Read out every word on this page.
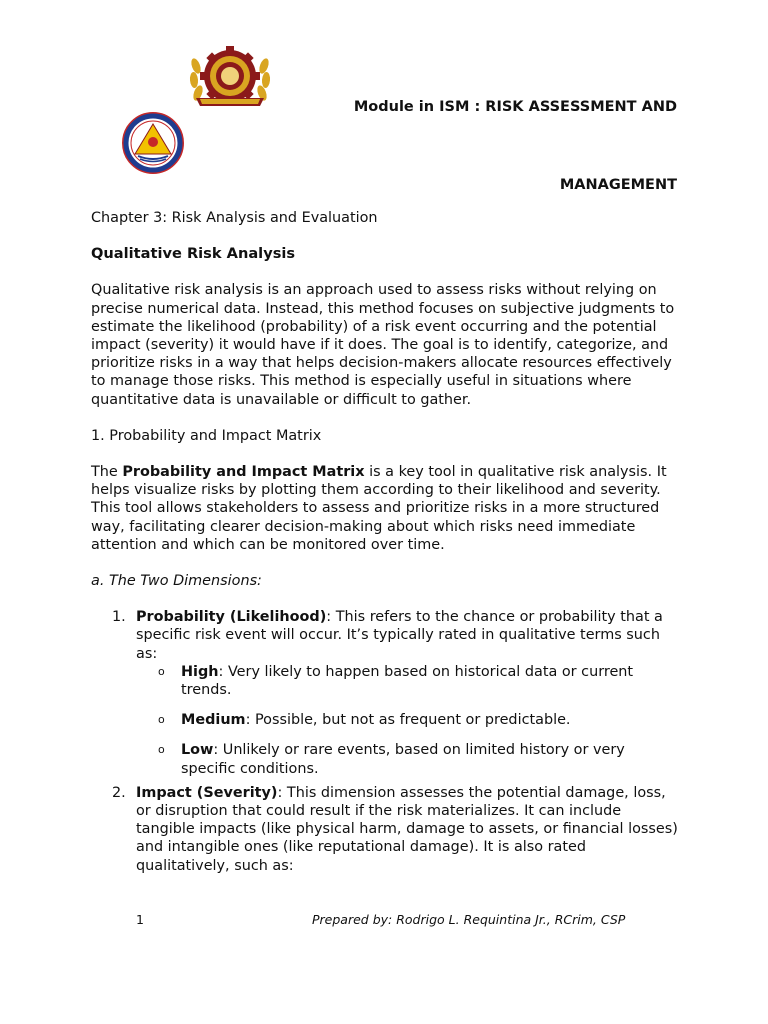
Module in ISM : RISK ASSESSMENT AND
MANAGEMENT
Chapter 3: Risk Analysis and Evaluation
Qualitative Risk Analysis

Qualitative risk analysis is an approach used to assess risks without relying on precise numerical data. Instead, this method focuses on subjective judgments to estimate the likelihood (probability) of a risk event occurring and the potential impact (severity) it would have if it does. The goal is to identify, categorize, and prioritize risks in a way that helps decision-makers allocate resources effectively to manage those risks. This method is especially useful in situations where quantitative data is unavailable or difficult to gather.

1. Probability and Impact Matrix

The Probability and Impact Matrix is a key tool in qualitative risk analysis. It helps visualize risks by plotting them according to their likelihood and severity. This tool allows stakeholders to assess and prioritize risks in a more structured way, facilitating clearer decision-making about which risks need immediate attention and which can be monitored over time.

a. The Two Dimensions:

1. Probability (Likelihood): This refers to the chance or probability that a specific risk event will occur. It’s typically rated in qualitative terms such as:
o High: Very likely to happen based on historical data or current trends.
o Medium: Possible, but not as frequent or predictable.
o Low: Unlikely or rare events, based on limited history or very specific conditions.
2. Impact (Severity): This dimension assesses the potential damage, loss, or disruption that could result if the risk materializes. It can include tangible impacts (like physical harm, damage to assets, or financial losses) and intangible ones (like reputational damage). It is also rated qualitatively, such as:
1	Prepared by: Rodrigo L. Requintina Jr., RCrim, CSP
